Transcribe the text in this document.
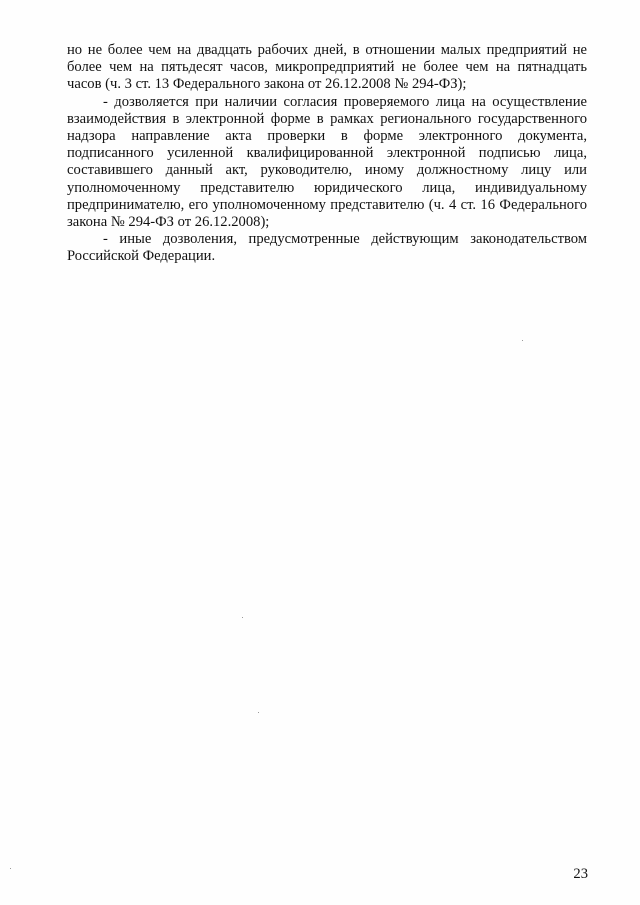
но не более чем на двадцать рабочих дней, в отношении малых предприятий не более чем на пятьдесят часов, микропредприятий не более чем на пятнадцать часов (ч. 3 ст. 13 Федерального закона от 26.12.2008 № 294-ФЗ);

- дозволяется при наличии согласия проверяемого лица на осуществление взаимодействия в электронной форме в рамках регионального государственного надзора направление акта проверки в форме электронного документа, подписанного усиленной квалифицированной электронной подписью лица, составившего данный акт, руководителю, иному должностному лицу или уполномоченному представителю юридического лица, индивидуальному предпринимателю, его уполномоченному представителю (ч. 4 ст. 16 Федерального закона № 294-ФЗ от 26.12.2008);

- иные дозволения, предусмотренные действующим законодательством Российской Федерации.

23
